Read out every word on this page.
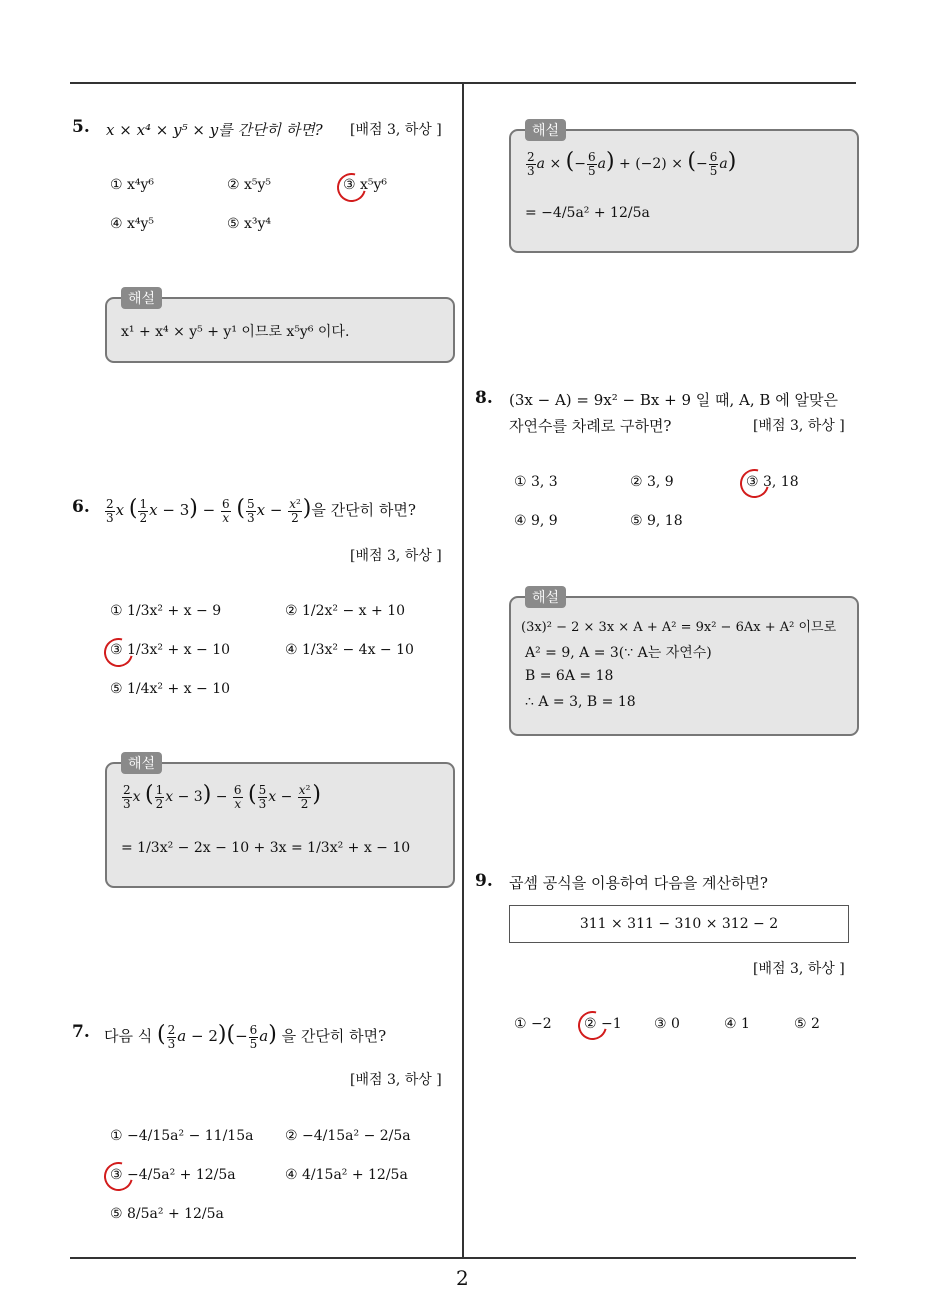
2
5. x × x⁴ × y⁵ × y를 간단히 하면? [배점 3, 하상 ]
① x⁴y⁶	② x⁵y⁵	③ x⁵y⁶
④ x⁴y⁵	⑤ x³y⁴
해설
x¹ + x⁴ × y⁵ + y¹ 이므로 x⁵y⁶ 이다.
6. $\frac{2}{3}$ x ( $\frac{1}{2}$ $x - 3) - \frac{6}{x}$ ( $\frac{5}{3}$ $x - \frac{\text{x²}}{2}$ )을 간단히 하면?
[배점 3, 하상 ]
① 1/3x² + x − 9	② 1/2x² − x + 10
③ 1/3x² + x − 10	④ 1/3x² − 4x − 10
⑤ 1/4x² + x − 10
해설
$\frac{2}{3}$ x ( $\frac{1}{2}$ $x - 3) - \frac{6}{x}$ ( $\frac{5}{3}$ $x - \frac{\text{x²}}{2}$ )
= 1/3x² − 2x − 10 + 3x = 1/3x² + x − 10
7. 다음 식 ( $\frac{2}{3}$ $a - 2)(- \frac{6}{5} a)$ 을 간단히 하면?
[배점 3, 하상 ]
① −4/15a² − 11/15a ② −4/15a² − 2/5a
③ −4/5a² + 12/5a	④ 4/15a² + 12/5a
⑤ 8/5a² + 12/5a
해설
$\frac{2}{3}$ a × (− $\frac{6}{5} a) + (-2)$ × (− $\frac{6}{5} a$)
= −4/5a² + 12/5a
8. (3x − A) = 9x² − Bx + 9 일 때, A, B 에 알맞은
자연수를 차례로 구하면?	[배점 3, 하상 ]
① 3, 3	② 3, 9	③ 3, 18
④ 9, 9	⑤ 9, 18
해설
(3x)² − 2 × 3x × A + A² = 9x² − 6Ax + A² 이므로
A² = 9, A = 3(∵ A는 자연수)
B = 6A = 18
∴ A = 3, B = 18
9. 곱셈 공식을 이용하여 다음을 계산하면?
311 × 311 − 310 × 312 − 2
[배점 3, 하상 ]
① −2 ② −1 ③ 0	④ 1	⑤ 2
